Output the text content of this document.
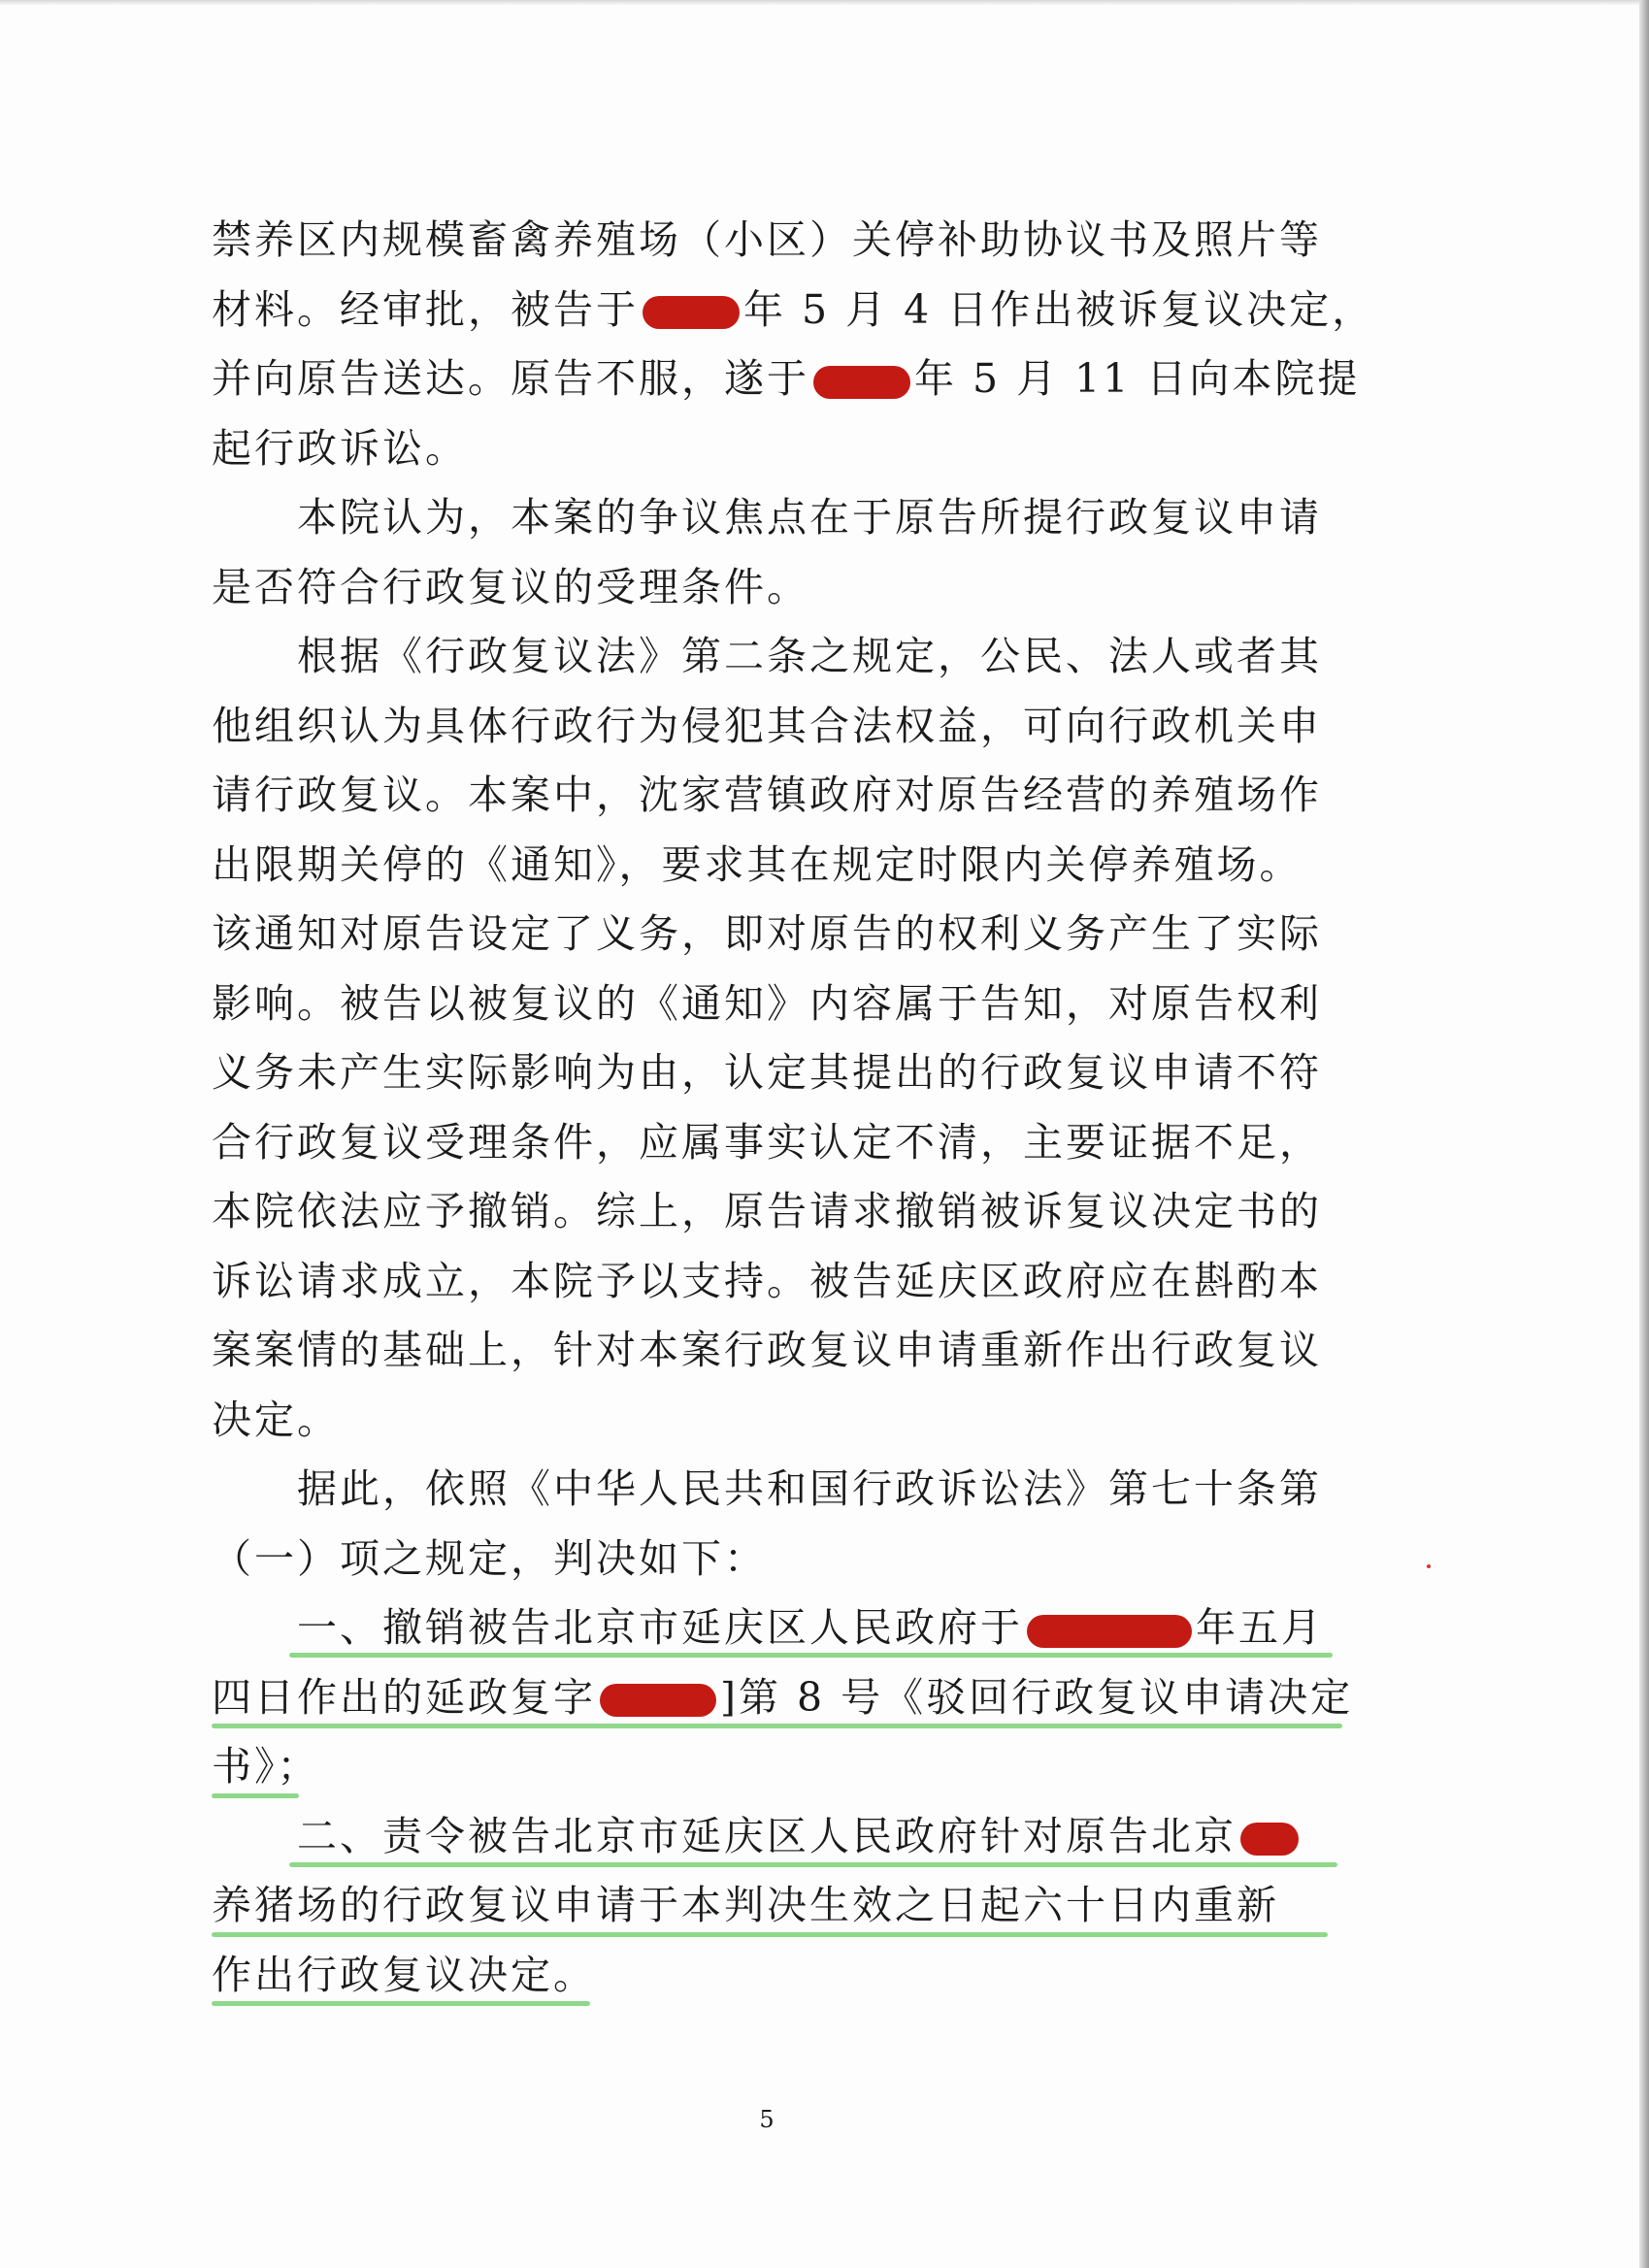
禁养区内规模畜禽养殖场（小区）关停补助协议书及照片等
材料。经审批，被告于	年 5 月 4 日作出被诉复议决定，
并向原告送达。原告不服，遂于	年 5 月 11 日向本院提
起行政诉讼。
本院认为，本案的争议焦点在于原告所提行政复议申请
是否符合行政复议的受理条件。
根据《行政复议法》第二条之规定，公民、法人或者其
他组织认为具体行政行为侵犯其合法权益，可向行政机关申
请行政复议。本案中，沈家营镇政府对原告经营的养殖场作
出限期关停的《通知》，要求其在规定时限内关停养殖场。
该通知对原告设定了义务，即对原告的权利义务产生了实际
影响。被告以被复议的《通知》内容属于告知，对原告权利
义务未产生实际影响为由，认定其提出的行政复议申请不符
合行政复议受理条件，应属事实认定不清，主要证据不足，
本院依法应予撤销。综上，原告请求撤销被诉复议决定书的
诉讼请求成立，本院予以支持。被告延庆区政府应在斟酌本
案案情的基础上，针对本案行政复议申请重新作出行政复议
决定。
据此，依照《中华人民共和国行政诉讼法》第七十条第
（一）项之规定，判决如下：
一、撤销被告北京市延庆区人民政府于	年五月
四日作出的延政复字	]第 8 号《驳回行政复议申请决定
书》；
二、责令被告北京市延庆区人民政府针对原告北京
养猪场的行政复议申请于本判决生效之日起六十日内重新
作出行政复议决定。
5
